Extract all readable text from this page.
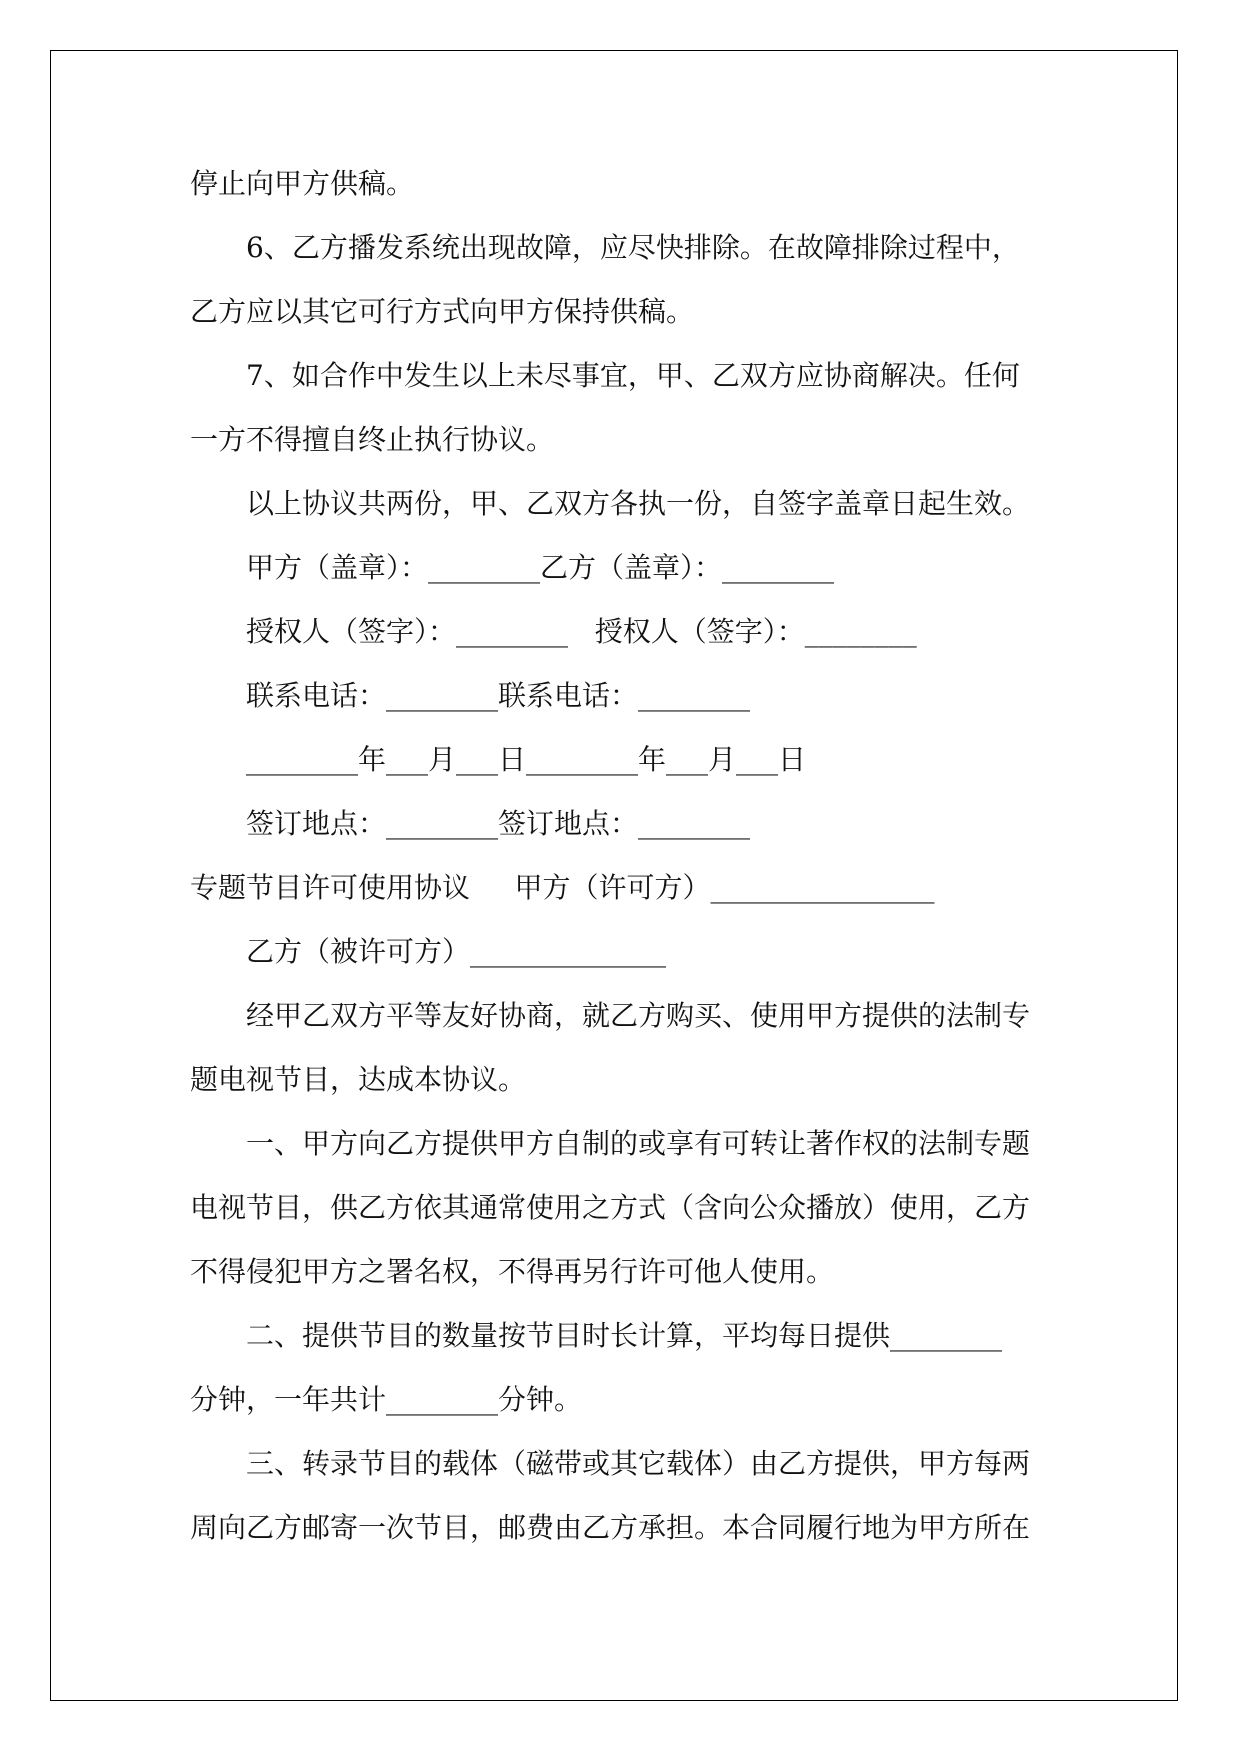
停止向甲方供稿。
6、乙方播发系统出现故障，应尽快排除。在故障排除过程中，
乙方应以其它可行方式向甲方保持供稿。
7、如合作中发生以上未尽事宜，甲、乙双方应协商解决。任何
一方不得擅自终止执行协议。
以上协议共两份，甲、乙双方各执一份，自签字盖章日起生效。
甲方（盖章）：________乙方（盖章）：________
授权人（签字）：________   授权人（签字）：________
联系电话：________联系电话：________
________年___月___日________年___月___日
签订地点：________签订地点：________
专题节目许可使用协议     甲方（许可方）________________
乙方（被许可方）______________
经甲乙双方平等友好协商，就乙方购买、使用甲方提供的法制专
题电视节目，达成本协议。
一、甲方向乙方提供甲方自制的或享有可转让著作权的法制专题
电视节目，供乙方依其通常使用之方式（含向公众播放）使用，乙方
不得侵犯甲方之署名权，不得再另行许可他人使用。
二、提供节目的数量按节目时长计算，平均每日提供________
分钟，一年共计________分钟。
三、转录节目的载体（磁带或其它载体）由乙方提供，甲方每两
周向乙方邮寄一次节目，邮费由乙方承担。本合同履行地为甲方所在
